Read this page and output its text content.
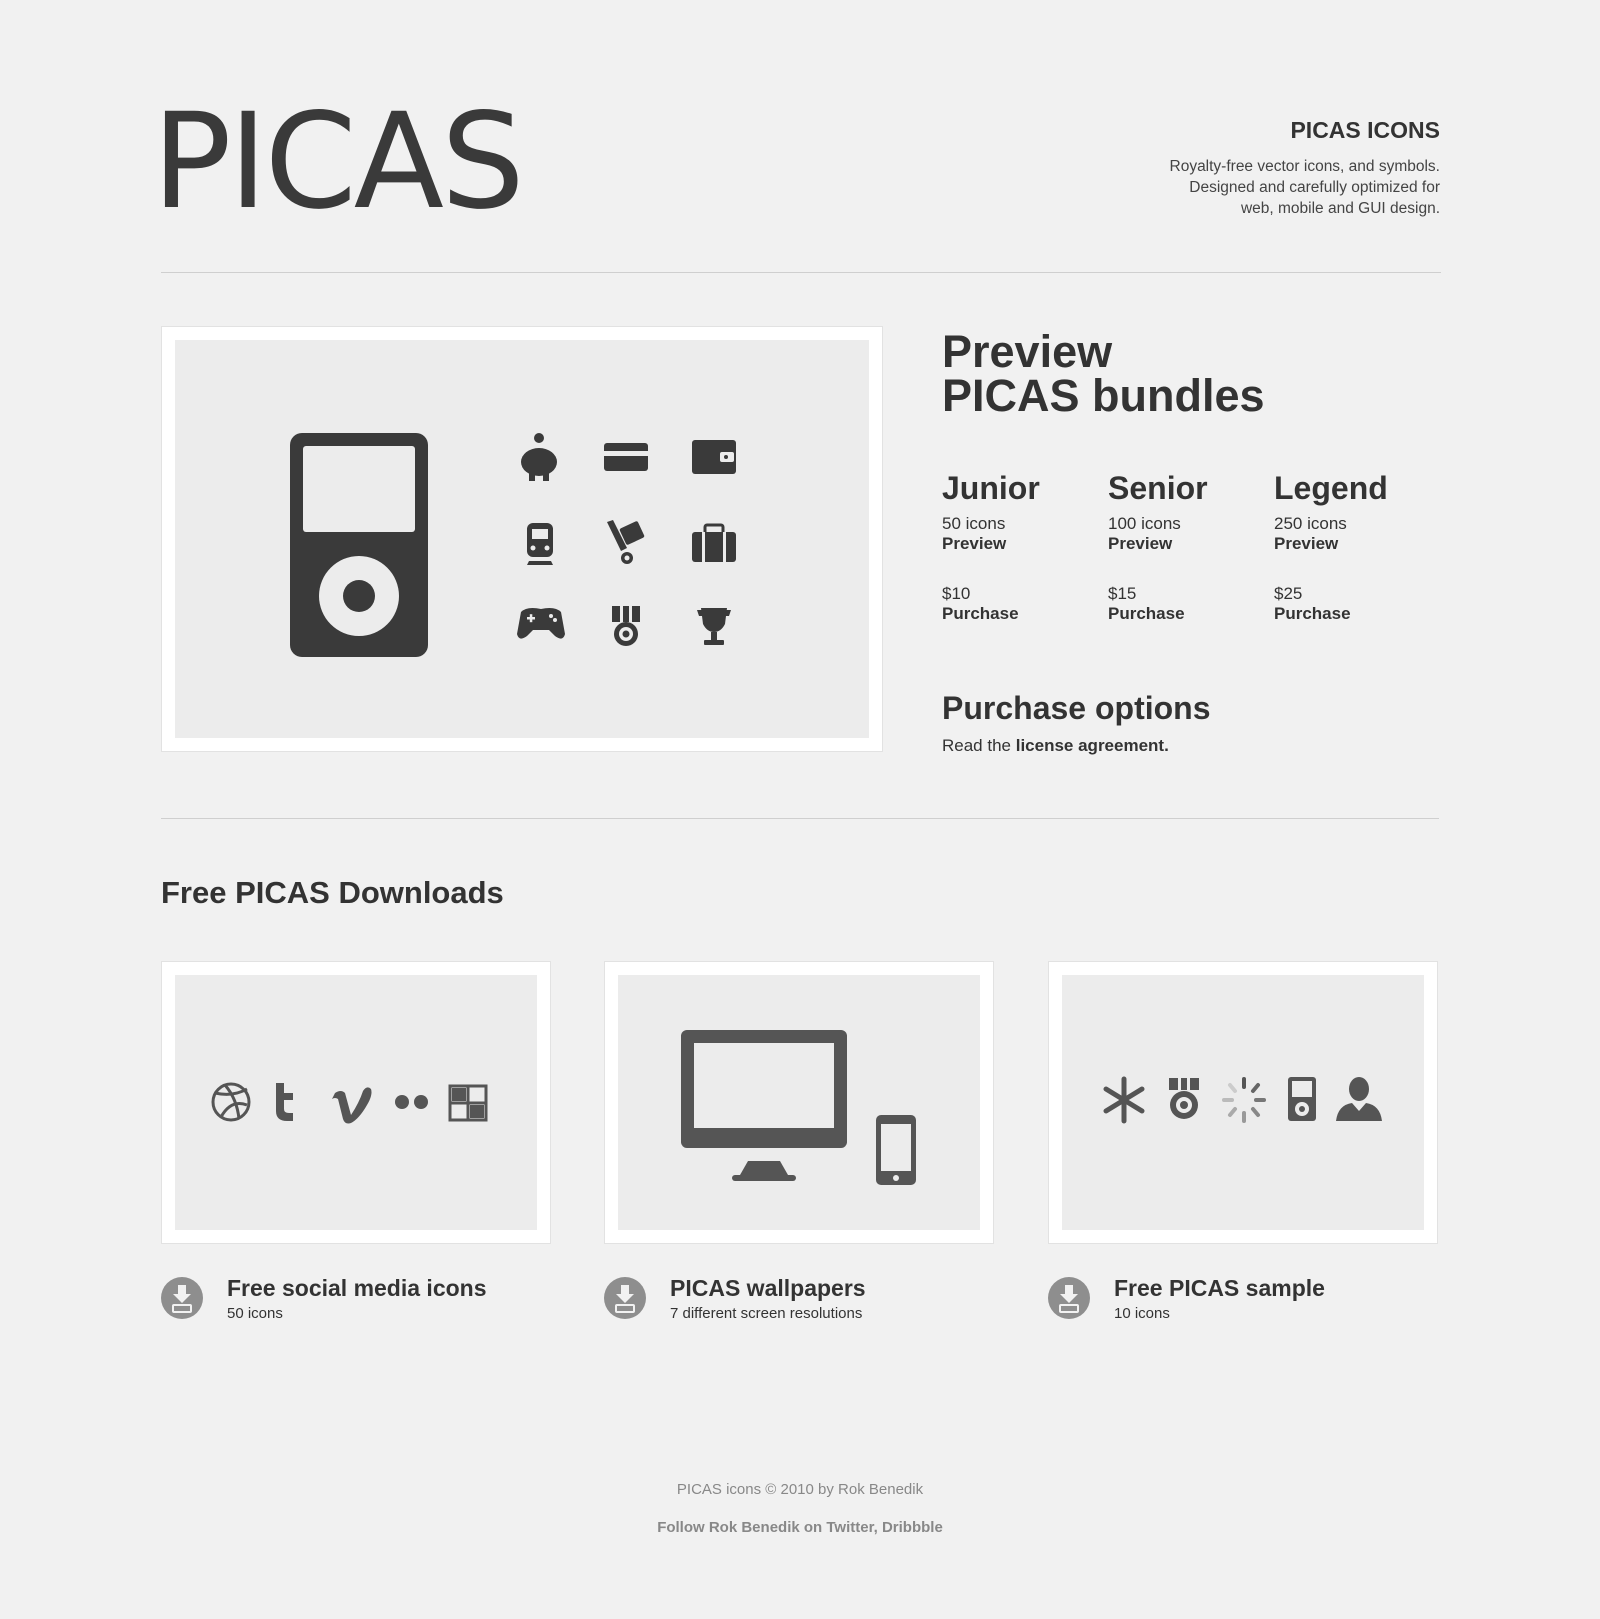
PICAS	PICAS ICONS
Royalty-free vector icons, and symbols.
Designed and carefully optimized for
web, mobile and GUI design.
Preview
PICAS bundles
Junior
50 icons
Preview
$10
Purchase
Senior
100 icons
Preview
$15
Purchase
Legend
250 icons
Preview
$25
Purchase
Purchase options
Read the license agreement.
Free PICAS Downloads
Free social media icons
50 icons
PICAS wallpapers
7 different screen resolutions
Free PICAS sample
10 icons
PICAS icons © 2010 by Rok Benedik
Follow Rok Benedik on Twitter, Dribbble
